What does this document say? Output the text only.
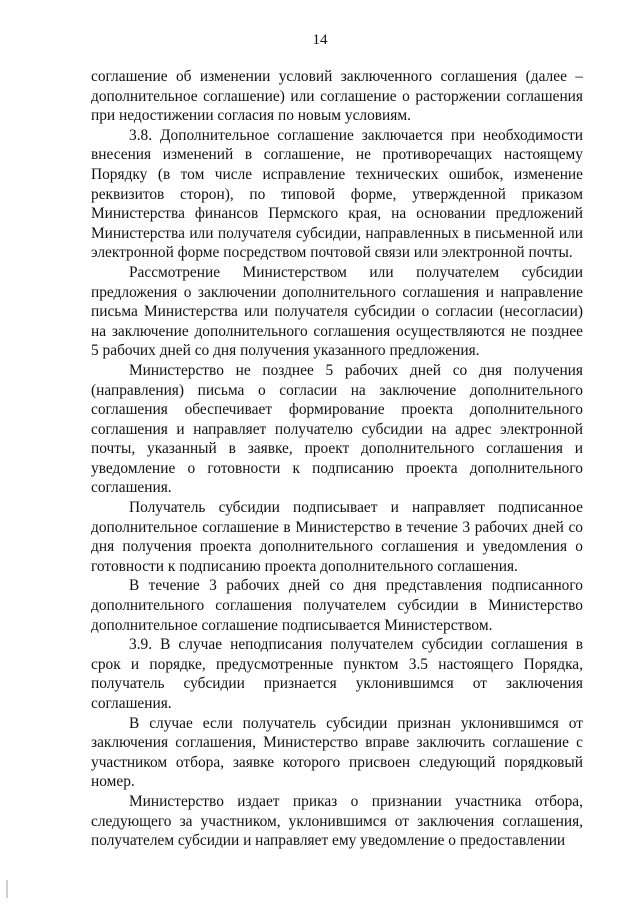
14

соглашение об изменении условий заключенного соглашения (далее – дополнительное соглашение) или соглашение о расторжении соглашения при недостижении согласия по новым условиям.

3.8. Дополнительное соглашение заключается при необходимости внесения изменений в соглашение, не противоречащих настоящему Порядку (в том числе исправление технических ошибок, изменение реквизитов сторон), по типовой форме, утвержденной приказом Министерства финансов Пермского края, на основании предложений Министерства или получателя субсидии, направленных в письменной или электронной форме посредством почтовой связи или электронной почты.

Рассмотрение Министерством или получателем субсидии предложения о заключении дополнительного соглашения и направление письма Министерства или получателя субсидии о согласии (несогласии) на заключение дополнительного соглашения осуществляются не позднее 5 рабочих дней со дня получения указанного предложения.

Министерство не позднее 5 рабочих дней со дня получения (направления) письма о согласии на заключение дополнительного соглашения обеспечивает формирование проекта дополнительного соглашения и направляет получателю субсидии на адрес электронной почты, указанный в заявке, проект дополнительного соглашения и уведомление о готовности к подписанию проекта дополнительного соглашения.

Получатель субсидии подписывает и направляет подписанное дополнительное соглашение в Министерство в течение 3 рабочих дней со дня получения проекта дополнительного соглашения и уведомления о готовности к подписанию проекта дополнительного соглашения.

В течение 3 рабочих дней со дня представления подписанного дополнительного соглашения получателем субсидии в Министерство дополнительное соглашение подписывается Министерством.

3.9. В случае неподписания получателем субсидии соглашения в срок и порядке, предусмотренные пунктом 3.5 настоящего Порядка, получатель субсидии признается уклонившимся от заключения соглашения.

В случае если получатель субсидии признан уклонившимся от заключения соглашения, Министерство вправе заключить соглашение с участником отбора, заявке которого присвоен следующий порядковый номер.

Министерство издает приказ о признании участника отбора, следующего за участником, уклонившимся от заключения соглашения, получателем субсидии и направляет ему уведомление о предоставлении
